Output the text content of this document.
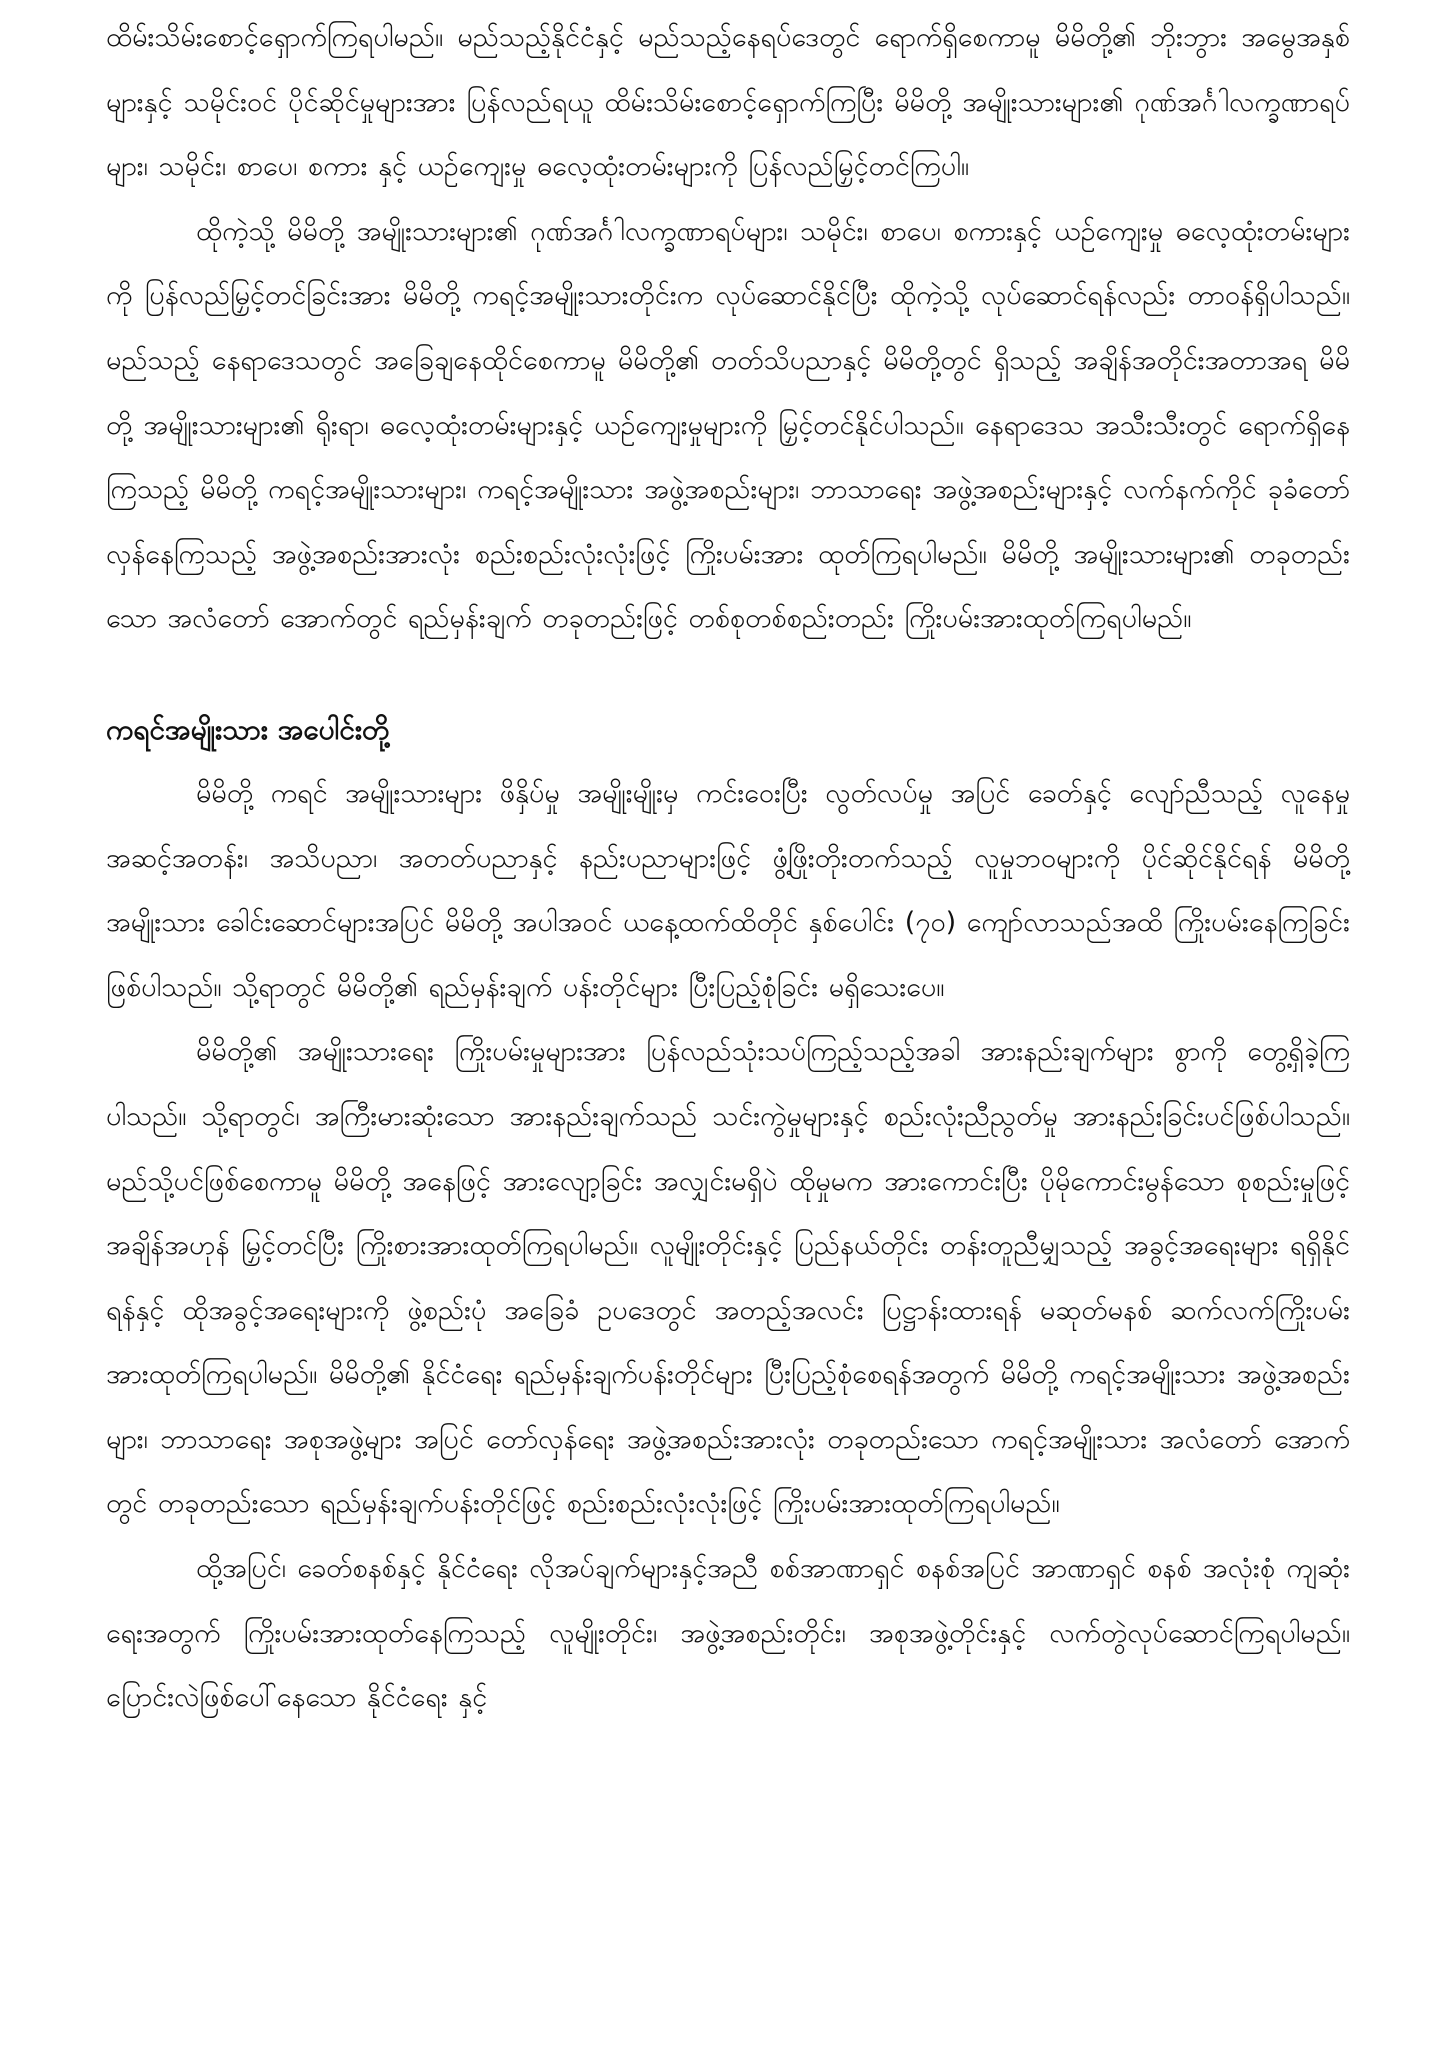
ထိမ်းသိမ်းစောင့်ရှောက်ကြရပါမည်။ မည်သည့်နိုင်ငံနှင့် မည်သည့်နေရပ်ဒေတွင် ရောက်ရှိစေကာမူ မိမိတို့၏ ဘိုးဘွား အမွေအနှစ်များနှင့် သမိုင်းဝင် ပိုင်ဆိုင်မှုများအား ပြန်လည်ရယူ ထိမ်းသိမ်းစောင့်ရှောက်ကြပြီး မိမိတို့ အမျိုးသားများ၏ ဂုဏ်အင်္ဂါလက္ခဏာရပ်များ၊ သမိုင်း၊ စာပေ၊ စကား နှင့် ယဉ်ကျေးမှု ဓလေ့ထုံးတမ်းများကို ပြန်လည်မြှင့်တင်ကြပါ။

ထိုကဲ့သို့ မိမိတို့ အမျိုးသားများ၏ ဂုဏ်အင်္ဂါလက္ခဏာရပ်များ၊ သမိုင်း၊ စာပေ၊ စကားနှင့် ယဉ်ကျေးမှု ဓလေ့ထုံးတမ်းများကို ပြန်လည်မြှင့်တင်ခြင်းအား မိမိတို့ ကရင့်အမျိုးသားတိုင်းက လုပ်ဆောင်နိုင်ပြီး ထိုကဲ့သို့ လုပ်ဆောင်ရန်လည်း တာဝန်ရှိပါသည်။ မည်သည့် နေရာဒေသတွင် အခြေချနေထိုင်စေကာမူ မိမိတို့၏ တတ်သိပညာနှင့် မိမိတို့တွင် ရှိသည့် အချိန်အတိုင်းအတာအရ မိမိတို့ အမျိုးသားများ၏ ရိုးရာ၊ ဓလေ့ထုံးတမ်းများနှင့် ယဉ်ကျေးမှုများကို မြှင့်တင်နိုင်ပါသည်။ နေရာဒေသ အသီးသီးတွင် ရောက်ရှိနေကြသည့် မိမိတို့ ကရင့်အမျိုးသားများ၊ ကရင့်အမျိုးသား အဖွဲ့အစည်းများ၊ ဘာသာရေး အဖွဲ့အစည်းများနှင့် လက်နက်ကိုင် ခုခံတော်လှန်နေကြသည့် အဖွဲ့အစည်းအားလုံး စည်းစည်းလုံးလုံးဖြင့် ကြိုးပမ်းအား ထုတ်ကြရပါမည်။ မိမိတို့ အမျိုးသားများ၏ တခုတည်းသော အလံတော် အောက်တွင် ရည်မှန်းချက် တခုတည်းဖြင့် တစ်စုတစ်စည်းတည်း ကြိုးပမ်းအားထုတ်ကြရပါမည်။

ကရင်အမျိုးသား အပေါင်းတို့

မိမိတို့ ကရင် အမျိုးသားများ ဖိနှိပ်မှု အမျိုးမျိုးမှ ကင်းဝေးပြီး လွတ်လပ်မှု အပြင် ခေတ်နှင့် လျော်ညီသည့် လူနေမှု အဆင့်အတန်း၊ အသိပညာ၊ အတတ်ပညာနှင့် နည်းပညာများဖြင့် ဖွံ့ဖြိုးတိုးတက်သည့် လူမှုဘဝများကို ပိုင်ဆိုင်နိုင်ရန် မိမိတို့ အမျိုးသား ခေါင်းဆောင်များအပြင် မိမိတို့ အပါအဝင် ယနေ့ထက်ထိတိုင် နှစ်ပေါင်း (၇၀) ကျော်လာသည်အထိ ကြိုးပမ်းနေကြခြင်း ဖြစ်ပါသည်။ သို့ရာတွင် မိမိတို့၏ ရည်မှန်းချက် ပန်းတိုင်များ ပြီးပြည့်စုံခြင်း မရှိသေးပေ။

မိမိတို့၏ အမျိုးသားရေး ကြိုးပမ်းမှုများအား ပြန်လည်သုံးသပ်ကြည့်သည့်အခါ အားနည်းချက်များ စွာကို တွေ့ရှိခဲ့ကြပါသည်။ သို့ရာတွင်၊ အကြီးမားဆုံးသော အားနည်းချက်သည် သင်းကွဲမှုများနှင့် စည်းလုံးညီညွတ်မှု အားနည်းခြင်းပင်ဖြစ်ပါသည်။ မည်သို့ပင်ဖြစ်စေကာမူ မိမိတို့ အနေဖြင့် အားလျော့ခြင်း အလျှင်းမရှိပဲ ထိုမှုမက အားကောင်းပြီး ပိုမိုကောင်းမွန်သော စုစည်းမှုဖြင့် အချိန်အဟုန် မြှင့်တင်ပြီး ကြိုးစားအားထုတ်ကြရပါမည်။ လူမျိုးတိုင်းနှင့် ပြည်နယ်တိုင်း တန်းတူညီမျှသည့် အခွင့်အရေးများ ရရှိနိုင်ရန်နှင့် ထိုအခွင့်အရေးများကို ဖွဲ့စည်းပုံ အခြေခံ ဥပဒေတွင် အတည့်အလင်း ပြဋ္ဌာန်းထားရန် မဆုတ်မနစ် ဆက်လက်ကြိုးပမ်းအားထုတ်ကြရပါမည်။ မိမိတို့၏ နိုင်ငံရေး ရည်မှန်းချက်ပန်းတိုင်များ ပြီးပြည့်စုံစေရန်အတွက် မိမိတို့ ကရင့်အမျိုးသား အဖွဲ့အစည်းများ၊ ဘာသာရေး အစုအဖွဲ့များ အပြင် တော်လှန်ရေး အဖွဲ့အစည်းအားလုံး တခုတည်းသော ကရင့်အမျိုးသား အလံတော် အောက်တွင် တခုတည်းသော ရည်မှန်းချက်ပန်းတိုင်ဖြင့် စည်းစည်းလုံးလုံးဖြင့် ကြိုးပမ်းအားထုတ်ကြရပါမည်။

ထို့အပြင်၊ ခေတ်စနစ်နှင့် နိုင်ငံရေး လိုအပ်ချက်များနှင့်အညီ စစ်အာဏာရှင် စနစ်အပြင် အာဏာရှင် စနစ် အလုံးစုံ ကျဆုံးရေးအတွက် ကြိုးပမ်းအားထုတ်နေကြသည့် လူမျိုးတိုင်း၊ အဖွဲ့အစည်းတိုင်း၊ အစုအဖွဲ့တိုင်းနှင့် လက်တွဲလုပ်ဆောင်ကြရပါမည်။ ပြောင်းလဲဖြစ်ပေါ်နေသော နိုင်ငံရေး နှင့်
